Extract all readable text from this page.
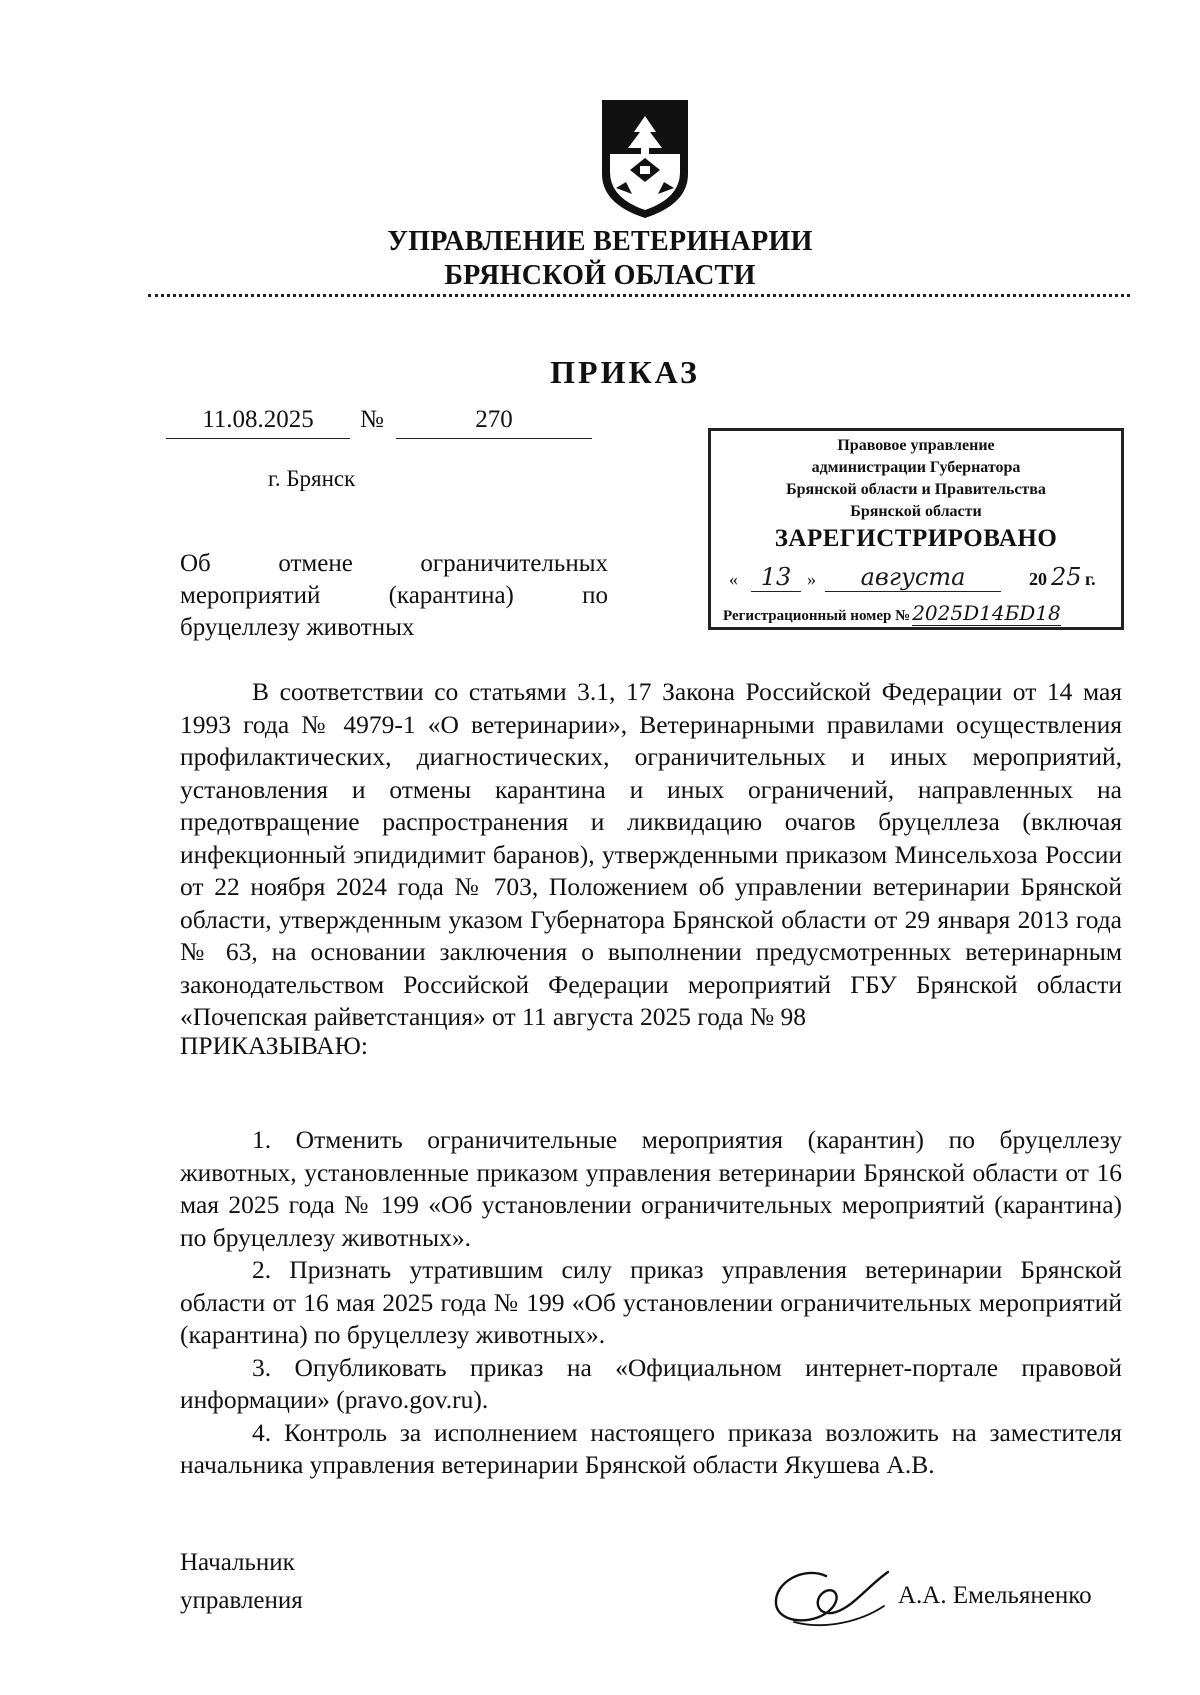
УПРАВЛЕНИЕ ВЕТЕРИНАРИИ
БРЯНСКОЙ ОБЛАСТИ
ПРИКАЗ
11.08.2025	№	270
г. Брянск
Об отмене ограничительных
мероприятий (карантина) по
бруцеллезу животных
Правовое управление
администрации Губернатора
Брянской области и Правительства
Брянской области
ЗАРЕГИСТРИРОВАНО
« 13 »	августа	20 25 г.
Регистрационный номер № 2025D14БD18
В соответствии со статьями 3.1, 17 Закона Российской Федерации от 14 мая 1993 года № 4979-1 «О ветеринарии», Ветеринарными правилами осуществления профилактических, диагностических, ограничительных и иных мероприятий, установления и отмены карантина и иных ограничений, направленных на предотвращение распространения и ликвидацию очагов бруцеллеза (включая инфекционный эпидидимит баранов), утвержденными приказом Минсельхоза России от 22 ноября 2024 года № 703, Положением об управлении ветеринарии Брянской области, утвержденным указом Губернатора Брянской области от 29 января 2013 года № 63, на основании заключения о выполнении предусмотренных ветеринарным законодательством Российской Федерации мероприятий ГБУ Брянской области «Почепская райветстанция» от 11 августа 2025 года № 98
ПРИКАЗЫВАЮ:

1. Отменить ограничительные мероприятия (карантин) по бруцеллезу животных, установленные приказом управления ветеринарии Брянской области от 16 мая 2025 года № 199 «Об установлении ограничительных мероприятий (карантина) по бруцеллезу животных».

2. Признать утратившим силу приказ управления ветеринарии Брянской области от 16 мая 2025 года № 199 «Об установлении ограничительных мероприятий (карантина) по бруцеллезу животных».

3. Опубликовать приказ на «Официальном интернет-портале правовой информации» (pravo.gov.ru).

4. Контроль за исполнением настоящего приказа возложить на заместителя начальника управления ветеринарии Брянской области Якушева А.В.

Начальник
управления	А.А. Емельяненко
